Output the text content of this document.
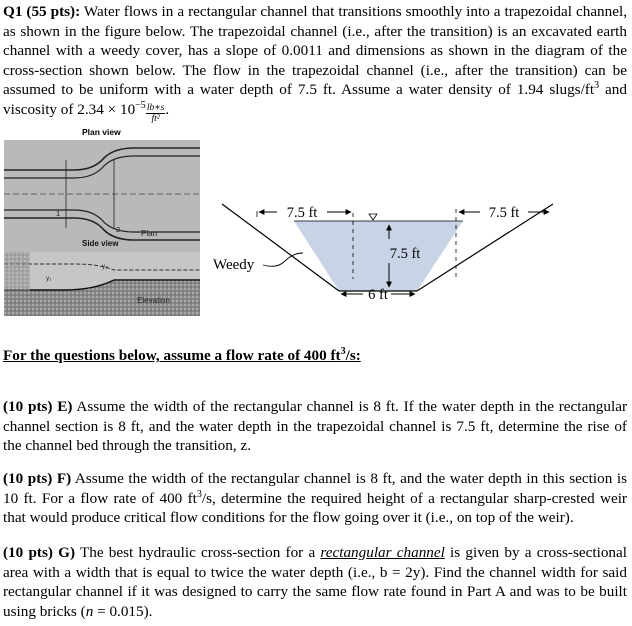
Q1 (55 pts): Water flows in a rectangular channel that transitions smoothly into a trapezoidal channel, as shown in the figure below. The trapezoidal channel (i.e., after the transition) is an excavated earth channel with a weedy cover, has a slope of 0.0011 and dimensions as shown in the diagram of the cross-section shown below. The flow in the trapezoidal channel (i.e., after the transition) can be assumed to be uniform with a water depth of 7.5 ft. Assume a water density of 1.94 slugs/$ft^3$ and viscosity of $2.34 \times 10^{-5} \frac{lb∗s}{\text{ft²}}$ .
Plan view
1
2	Plan
Side view
y₁
y₂
Elevation
7.5 ft	7.5 ft
7.5 ft
6 ft
Weedy
For the questions below, assume a flow rate of 400 $ft^3/s$:
(10 pts) E) Assume the width of the rectangular channel is 8 ft. If the water depth in the rectangular channel section is 8 ft, and the water depth in the trapezoidal channel is 7.5 ft, determine the rise of the channel bed through the transition, z.
(10 pts) F) Assume the width of the rectangular channel is 8 ft, and the water depth in this section is 10 ft. For a flow rate of 400 $ft^3/s$, determine the required height of a rectangular sharp-crested weir that would produce critical flow conditions for the flow going over it (i.e., on top of the weir).
(10 pts) G) The best hydraulic cross-section for a rectangular channel is given by a cross-sectional area with a width that is equal to twice the water depth (i.e., b = 2y). Find the channel width for said rectangular channel if it was designed to carry the same flow rate found in Part A and was to be built using bricks (n = 0.015).
